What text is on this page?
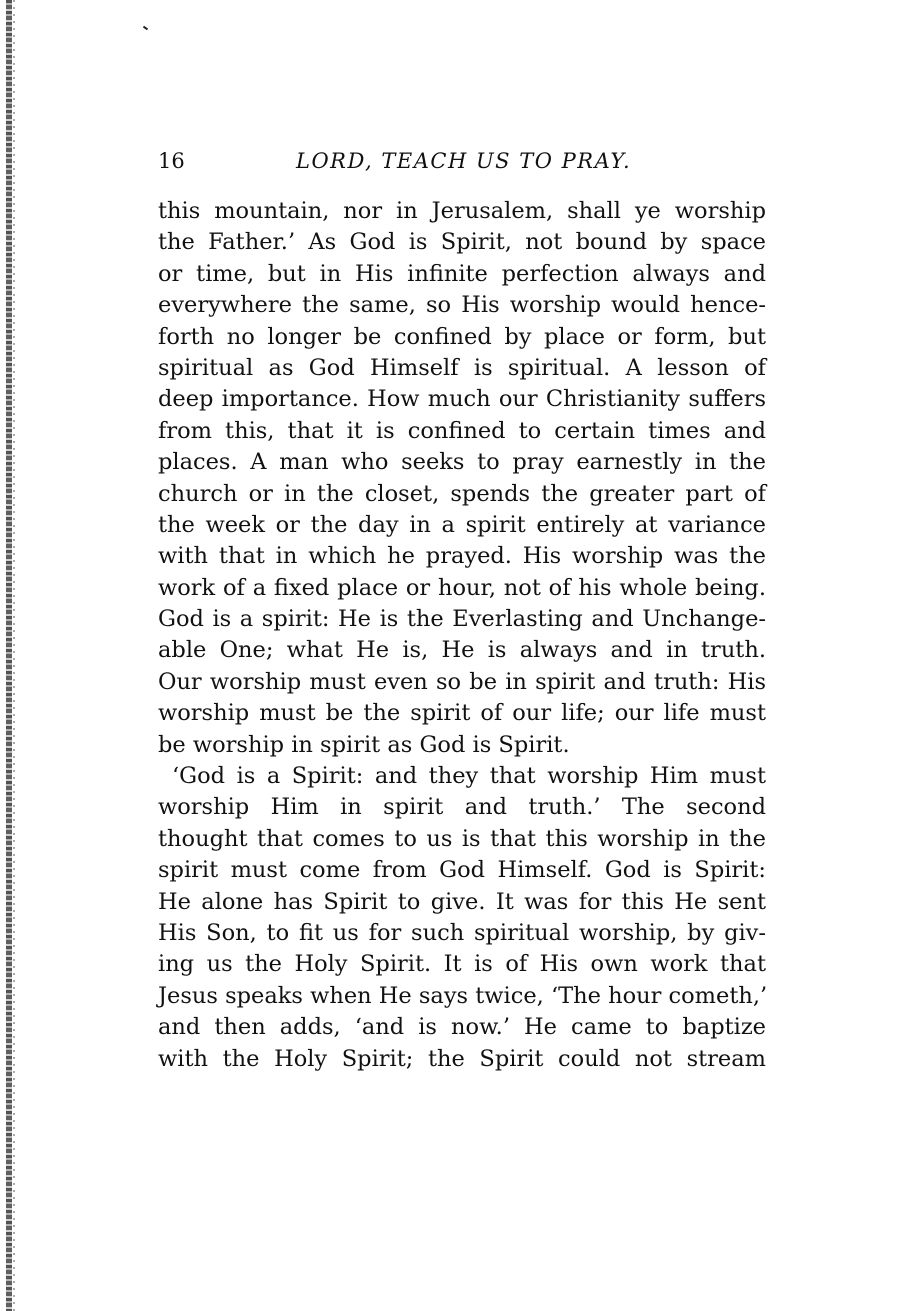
16	LORD, TEACH US TO PRAY.
this mountain, nor in Jerusalem, shall ye worship
the Father.’ As God is Spirit, not bound by space
or time, but in His infinite perfection always and
everywhere the same, so His worship would hence-
forth no longer be confined by place or form, but
spiritual as God Himself is spiritual. A lesson of
deep importance. How much our Christianity suffers
from this, that it is confined to certain times and
places. A man who seeks to pray earnestly in the
church or in the closet, spends the greater part of
the week or the day in a spirit entirely at variance
with that in which he prayed. His worship was the
work of a fixed place or hour, not of his whole being.
God is a spirit: He is the Everlasting and Unchange-
able One; what He is, He is always and in truth.
Our worship must even so be in spirit and truth: His
worship must be the spirit of our life; our life must
be worship in spirit as God is Spirit.
‘God is a Spirit: and they that worship Him must
worship Him in spirit and truth.’ The second
thought that comes to us is that this worship in the
spirit must come from God Himself. God is Spirit:
He alone has Spirit to give. It was for this He sent
His Son, to fit us for such spiritual worship, by giv-
ing us the Holy Spirit. It is of His own work that
Jesus speaks when He says twice, ‘The hour cometh,’
and then adds, ‘and is now.’ He came to baptize
with the Holy Spirit; the Spirit could not stream
